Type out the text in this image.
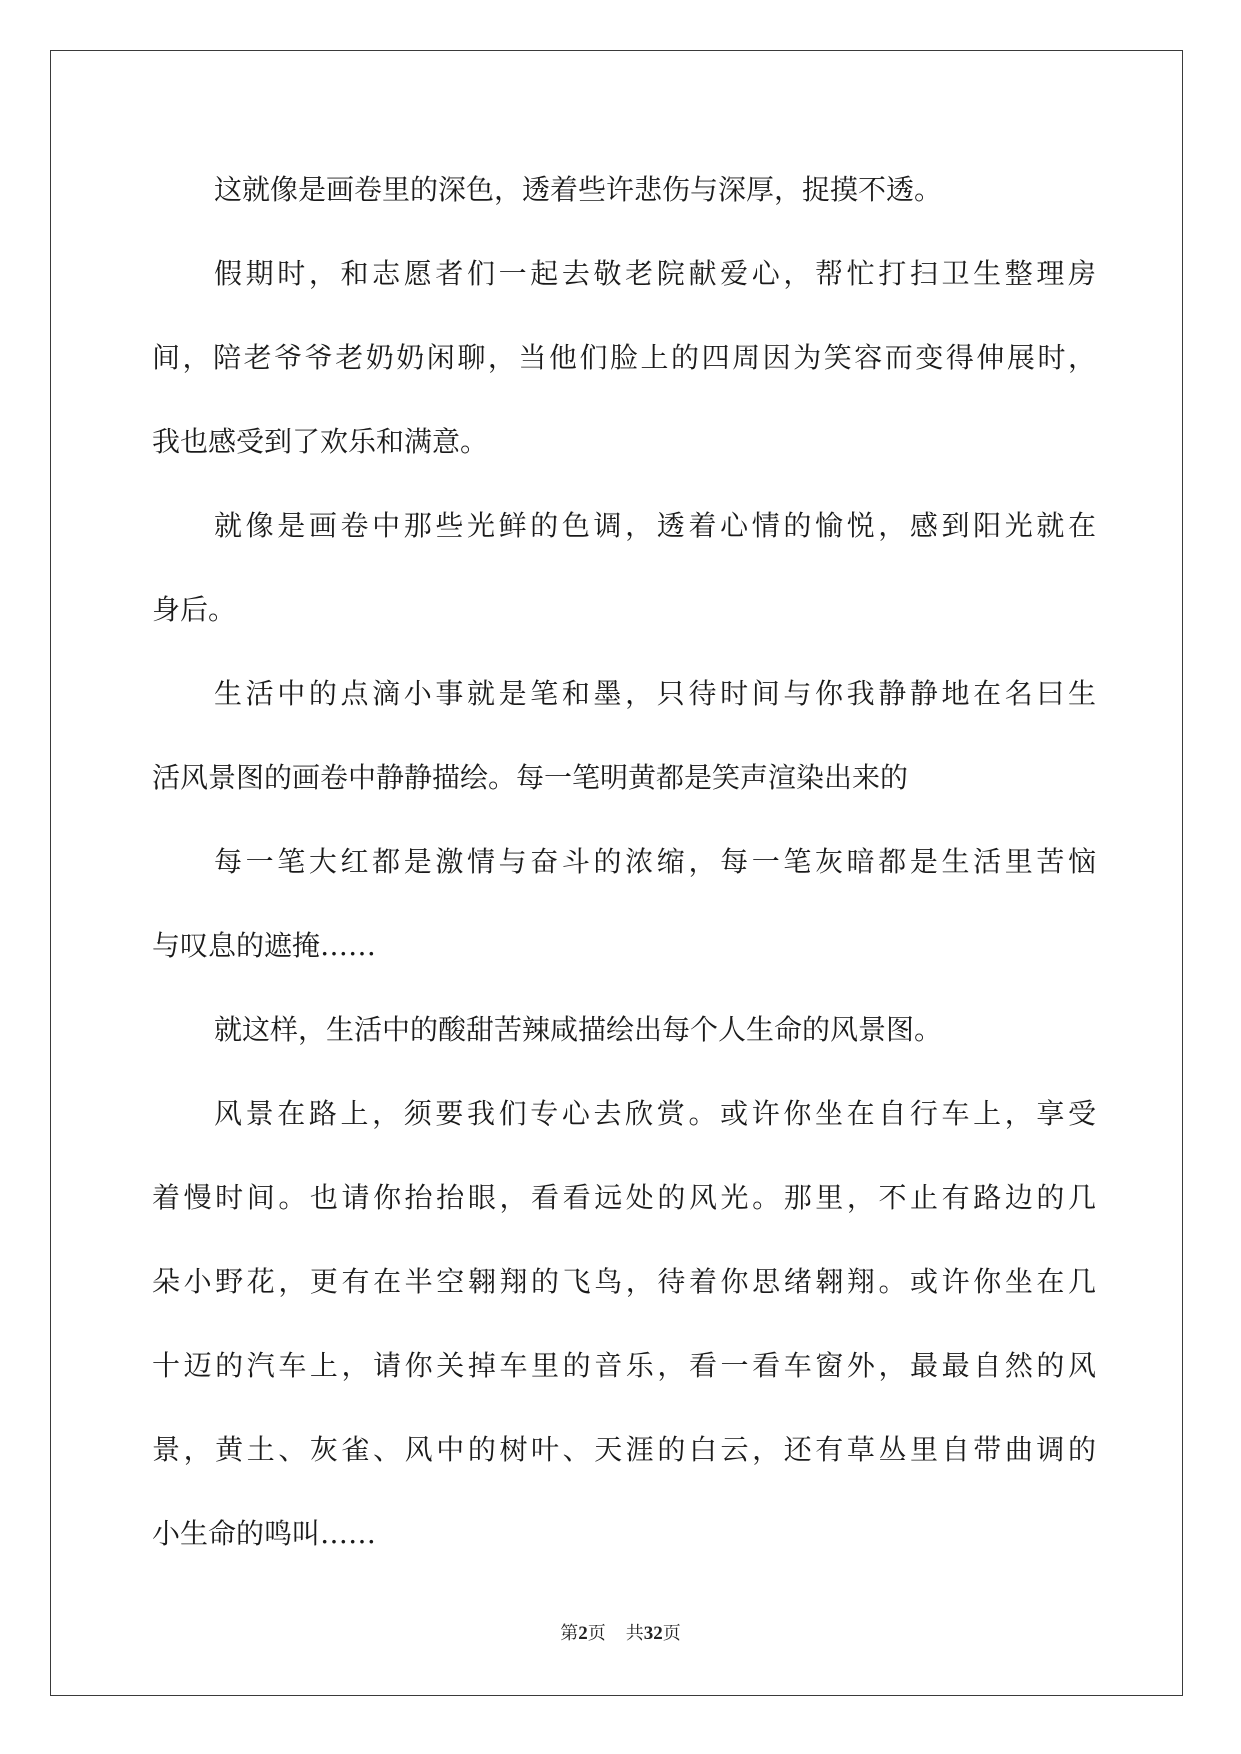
这就像是画卷里的深色，透着些许悲伤与深厚，捉摸不透。
假期时，和志愿者们一起去敬老院献爱心，帮忙打扫卫生整理房
间，陪老爷爷老奶奶闲聊，当他们脸上的四周因为笑容而变得伸展时，
我也感受到了欢乐和满意。
就像是画卷中那些光鲜的色调，透着心情的愉悦，感到阳光就在
身后。
生活中的点滴小事就是笔和墨，只待时间与你我静静地在名曰生
活风景图的画卷中静静描绘。每一笔明黄都是笑声渲染出来的
每一笔大红都是激情与奋斗的浓缩，每一笔灰暗都是生活里苦恼
与叹息的遮掩……
就这样，生活中的酸甜苦辣咸描绘出每个人生命的风景图。
风景在路上，须要我们专心去欣赏。或许你坐在自行车上，享受
着慢时间。也请你抬抬眼，看看远处的风光。那里，不止有路边的几
朵小野花，更有在半空翱翔的飞鸟，待着你思绪翱翔。或许你坐在几
十迈的汽车上，请你关掉车里的音乐，看一看车窗外，最最自然的风
景，黄土、灰雀、风中的树叶、天涯的白云，还有草丛里自带曲调的
小生命的鸣叫……
第2页 共32页
